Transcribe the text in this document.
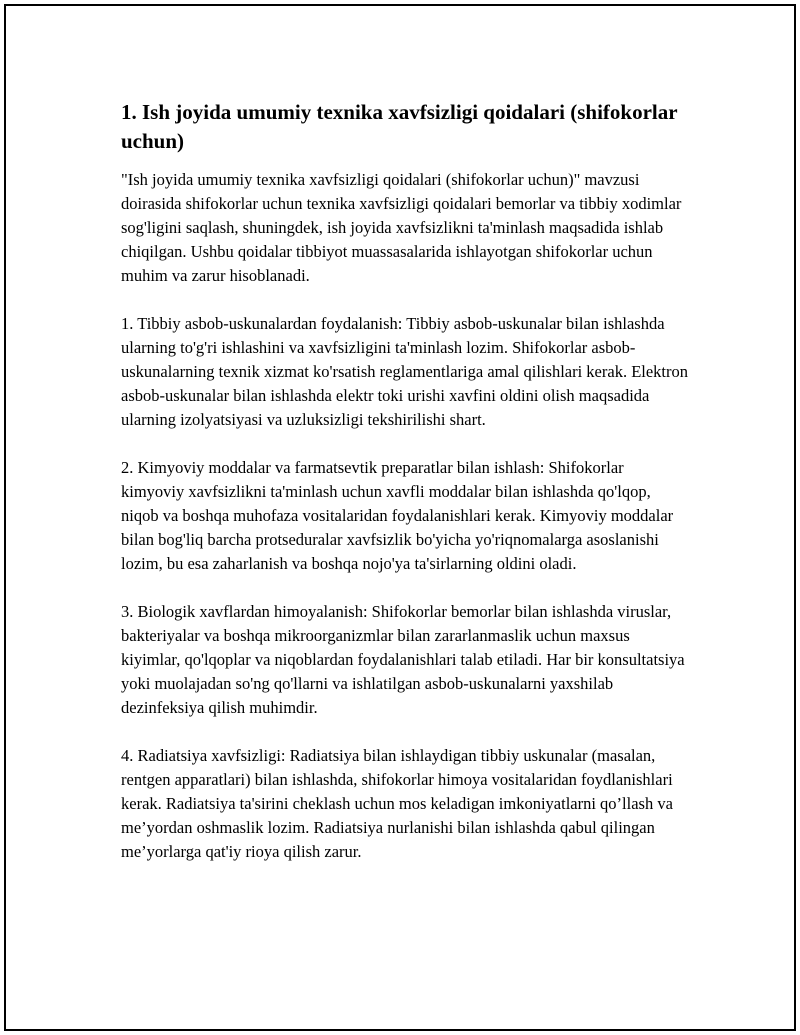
1. Ish joyida umumiy texnika xavfsizligi qoidalari (shifokorlar uchun)

"Ish joyida umumiy texnika xavfsizligi qoidalari (shifokorlar uchun)" mavzusi doirasida shifokorlar uchun texnika xavfsizligi qoidalari bemorlar va tibbiy xodimlar sog'ligini saqlash, shuningdek, ish joyida xavfsizlikni ta'minlash maqsadida ishlab chiqilgan. Ushbu qoidalar tibbiyot muassasalarida ishlayotgan shifokorlar uchun muhim va zarur hisoblanadi.

1. Tibbiy asbob-uskunalardan foydalanish: Tibbiy asbob-uskunalar bilan ishlashda ularning to'g'ri ishlashini va xavfsizligini ta'minlash lozim. Shifokorlar asbob-uskunalarning texnik xizmat ko'rsatish reglamentlariga amal qilishlari kerak. Elektron asbob-uskunalar bilan ishlashda elektr toki urishi xavfini oldini olish maqsadida ularning izolyatsiyasi va uzluksizligi tekshirilishi shart.

2. Kimyoviy moddalar va farmatsevtik preparatlar bilan ishlash: Shifokorlar kimyoviy xavfsizlikni ta'minlash uchun xavfli moddalar bilan ishlashda qo'lqop, niqob va boshqa muhofaza vositalaridan foydalanishlari kerak. Kimyoviy moddalar bilan bog'liq barcha protseduralar xavfsizlik bo'yicha yo'riqnomalarga asoslanishi lozim, bu esa zaharlanish va boshqa nojo'ya ta'sirlarning oldini oladi.

3. Biologik xavflardan himoyalanish: Shifokorlar bemorlar bilan ishlashda viruslar, bakteriyalar va boshqa mikroorganizmlar bilan zararlanmaslik uchun maxsus kiyimlar, qo'lqoplar va niqoblardan foydalanishlari talab etiladi. Har bir konsultatsiya yoki muolajadan so'ng qo'llarni va ishlatilgan asbob-uskunalarni yaxshilab dezinfeksiya qilish muhimdir.

4. Radiatsiya xavfsizligi: Radiatsiya bilan ishlaydigan tibbiy uskunalar (masalan, rentgen apparatlari) bilan ishlashda, shifokorlar himoya vositalaridan foydlanishlari kerak. Radiatsiya ta'sirini cheklash uchun mos keladigan imkoniyatlarni qo’llash va me’yordan oshmaslik lozim. Radiatsiya nurlanishi bilan ishlashda qabul qilingan me’yorlarga qat'iy rioya qilish zarur.
